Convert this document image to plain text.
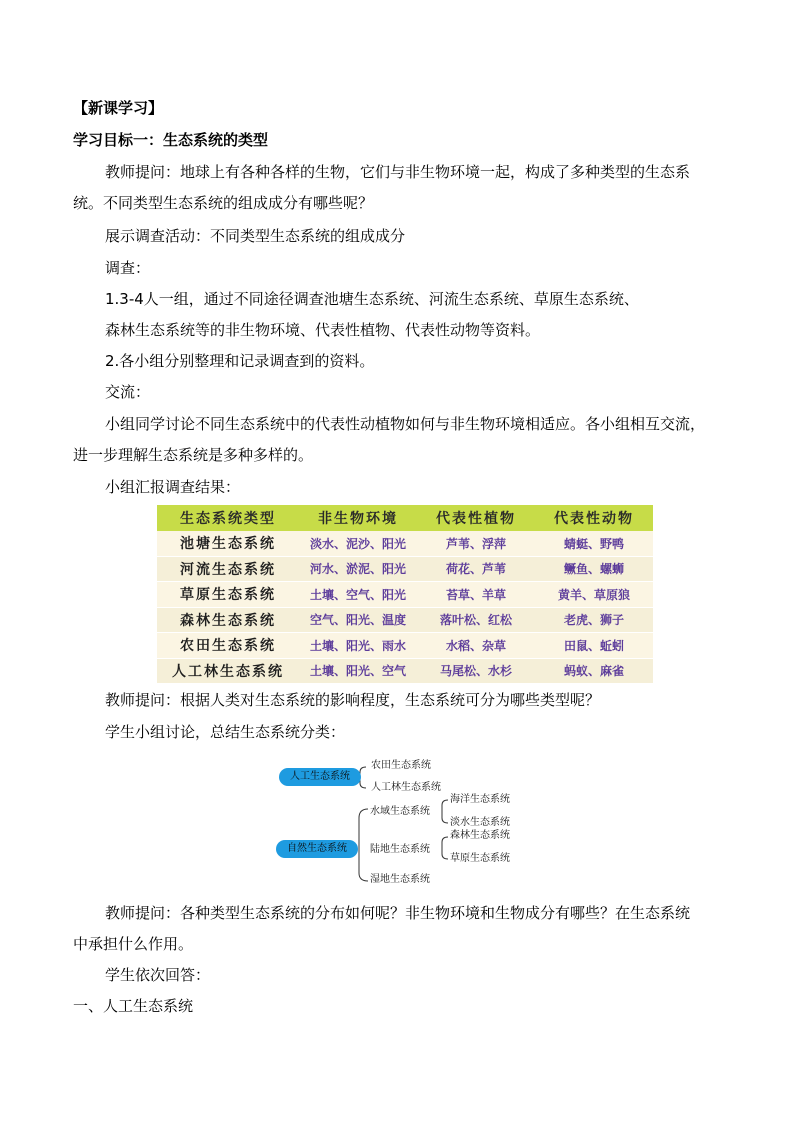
【新课学习】
学习目标一：生态系统的类型
教师提问：地球上有各种各样的生物，它们与非生物环境一起，构成了多种类型的生态系
统。不同类型生态系统的组成成分有哪些呢？
展示调查活动：不同类型生态系统的组成成分
调查：
1.3-4人一组，通过不同途径调查池塘生态系统、河流生态系统、草原生态系统、
森林生态系统等的非生物环境、代表性植物、代表性动物等资料。
2.各小组分别整理和记录调查到的资料。
交流：
小组同学讨论不同生态系统中的代表性动植物如何与非生物环境相适应。各小组相互交流，
进一步理解生态系统是多种多样的。
小组汇报调查结果：
生态系统类型	非生物环境	代表性植物	代表性动物
池塘生态系统	淡水、泥沙、阳光	芦苇、浮萍	蜻蜓、野鸭
河流生态系统	河水、淤泥、阳光	荷花、芦苇	鳜鱼、螺蛳
草原生态系统	土壤、空气、阳光	苔草、羊草	黄羊、草原狼
森林生态系统	空气、阳光、温度	落叶松、红松	老虎、狮子
农田生态系统	土壤、阳光、雨水	水稻、杂草	田鼠、蚯蚓
人工林生态系统	土壤、阳光、空气	马尾松、水杉	蚂蚁、麻雀
教师提问：根据人类对生态系统的影响程度，生态系统可分为哪些类型呢？
学生小组讨论，总结生态系统分类：
人工生态系统
农田生态系统
人工林生态系统
自然生态系统
水域生态系统
海洋生态系统
淡水生态系统
陆地生态系统
森林生态系统
草原生态系统
湿地生态系统
教师提问：各种类型生态系统的分布如何呢？非生物环境和生物成分有哪些？在生态系统
中承担什么作用。
学生依次回答：
一、人工生态系统
